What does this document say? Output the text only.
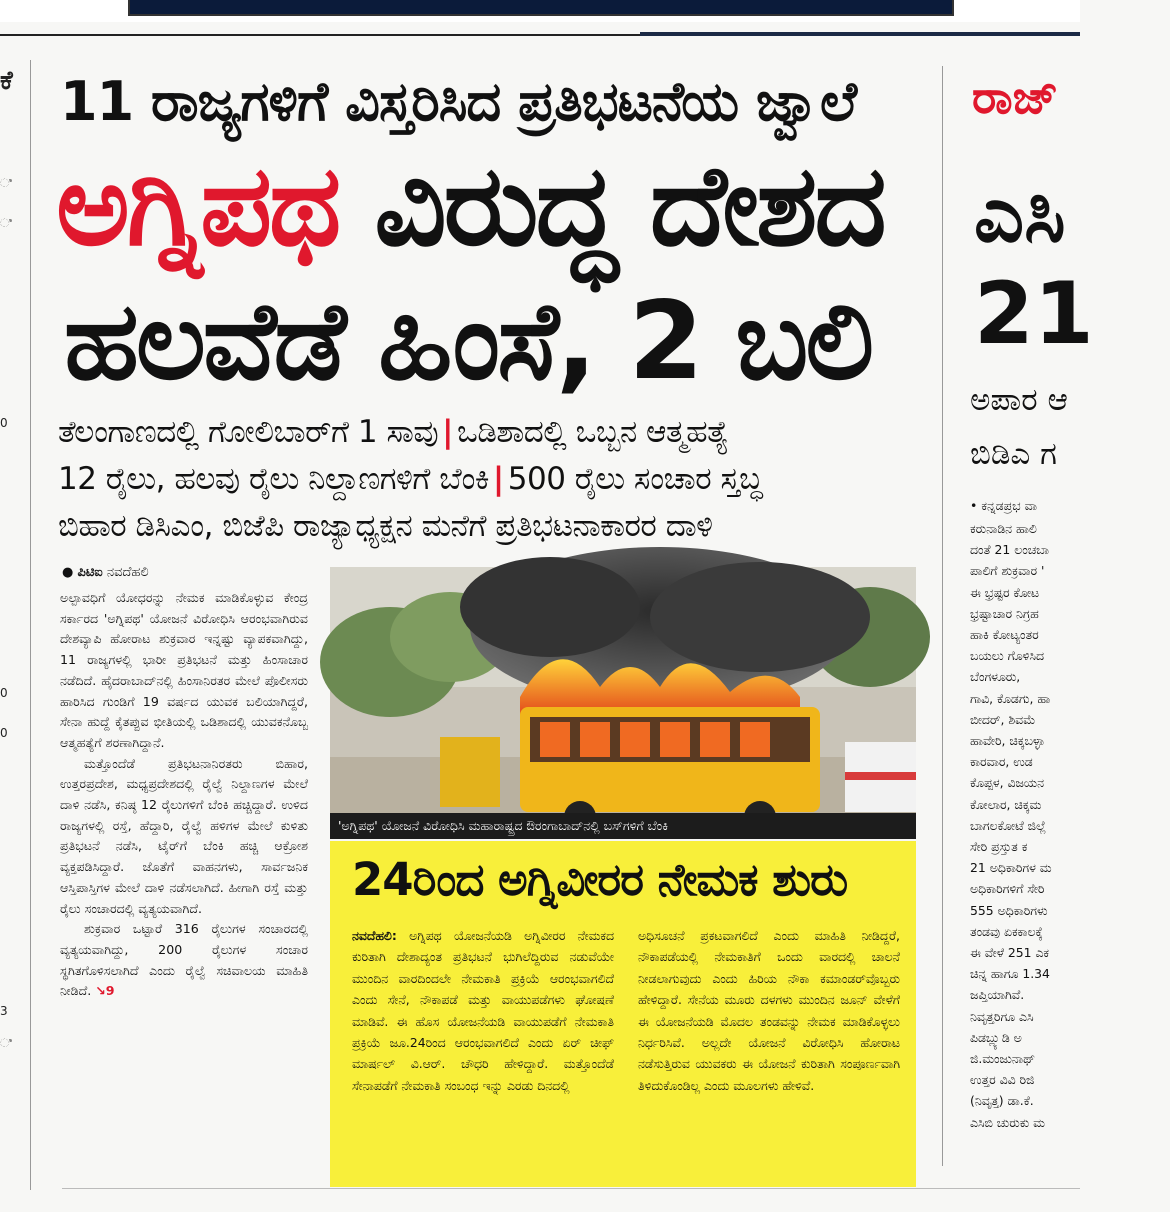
ಕೆ
ಿ
ಿ
0
0
0
3
ಿ
11 ರಾಜ್ಯಗಳಿಗೆ ವಿಸ್ತರಿಸಿದ ಪ್ರತಿಭಟನೆಯ ಜ್ವಾಲೆ
ಅಗ್ನಿಪಥ ವಿರುದ್ಧ ದೇಶದ
ಹಲವೆಡೆ ಹಿಂಸೆ, 2 ಬಲಿ
ತೆಲಂಗಾಣದಲ್ಲಿ ಗೋಲಿಬಾರ್‌ಗೆ 1 ಸಾವು | ಒಡಿಶಾದಲ್ಲಿ ಒಬ್ಬನ ಆತ್ಮಹತ್ಯೆ
12 ರೈಲು, ಹಲವು ರೈಲು ನಿಲ್ದಾಣಗಳಿಗೆ ಬೆಂಕಿ | 500 ರೈಲು ಸಂಚಾರ ಸ್ತಬ್ಧ
ಬಿಹಾರ ಡಿಸಿಎಂ, ಬಿಜೆಪಿ ರಾಜ್ಯಾಧ್ಯಕ್ಷನ ಮನೆಗೆ ಪ್ರತಿಭಟನಾಕಾರರ ದಾಳಿ
● ಪಿಟಿಐ ನವದೆಹಲಿ

ಅಲ್ಪಾವಧಿಗೆ ಯೋಧರನ್ನು ನೇಮಕ ಮಾಡಿಕೊಳ್ಳುವ ಕೇಂದ್ರ ಸರ್ಕಾರದ 'ಅಗ್ನಿಪಥ' ಯೋಜನೆ ವಿರೋಧಿಸಿ ಆರಂಭವಾಗಿರುವ ದೇಶವ್ಯಾಪಿ ಹೋರಾಟ ಶುಕ್ರವಾರ ಇನ್ನಷ್ಟು ವ್ಯಾಪಕವಾಗಿದ್ದು, 11 ರಾಜ್ಯಗಳಲ್ಲಿ ಭಾರೀ ಪ್ರತಿಭಟನೆ ಮತ್ತು ಹಿಂಸಾಚಾರ ನಡೆದಿದೆ. ಹೈದರಾಬಾದ್‌ನಲ್ಲಿ ಹಿಂಸಾನಿರತರ ಮೇಲೆ ಪೊಲೀಸರು ಹಾರಿಸಿದ ಗುಂಡಿಗೆ 19 ವರ್ಷದ ಯುವಕ ಬಲಿಯಾಗಿದ್ದರೆ, ಸೇನಾ ಹುದ್ದೆ ಕೈತಪ್ಪುವ ಭೀತಿಯಲ್ಲಿ ಒಡಿಶಾದಲ್ಲಿ ಯುವಕನೊಬ್ಬ ಆತ್ಮಹತ್ಯೆಗೆ ಶರಣಾಗಿದ್ದಾನೆ.

ಮತ್ತೊಂದೆಡೆ ಪ್ರತಿಭಟನಾನಿರತರು ಬಿಹಾರ, ಉತ್ತರಪ್ರದೇಶ, ಮಧ್ಯಪ್ರದೇಶದಲ್ಲಿ ರೈಲ್ವೆ ನಿಲ್ದಾಣಗಳ ಮೇಲೆ ದಾಳಿ ನಡೆಸಿ, ಕನಿಷ್ಠ 12 ರೈಲುಗಳಿಗೆ ಬೆಂಕಿ ಹಚ್ಚಿದ್ದಾರೆ. ಉಳಿದ ರಾಜ್ಯಗಳಲ್ಲಿ ರಸ್ತೆ, ಹೆದ್ದಾರಿ, ರೈಲ್ವೆ ಹಳಿಗಳ ಮೇಲೆ ಕುಳಿತು ಪ್ರತಿಭಟನೆ ನಡೆಸಿ, ಟೈರ್‌ಗೆ ಬೆಂಕಿ ಹಚ್ಚಿ ಆಕ್ರೋಶ ವ್ಯಕ್ತಪಡಿಸಿದ್ದಾರೆ. ಜೊತೆಗೆ ವಾಹನಗಳು, ಸಾರ್ವಜನಿಕ ಆಸ್ತಿಪಾಸ್ತಿಗಳ ಮೇಲೆ ದಾಳಿ ನಡೆಸಲಾಗಿದೆ. ಹೀಗಾಗಿ ರಸ್ತೆ ಮತ್ತು ರೈಲು ಸಂಚಾರದಲ್ಲಿ ವ್ಯತ್ಯಯವಾಗಿದೆ.

ಶುಕ್ರವಾರ ಒಟ್ಟಾರೆ 316 ರೈಲುಗಳ ಸಂಚಾರದಲ್ಲಿ ವ್ಯತ್ಯಯವಾಗಿದ್ದು, 200 ರೈಲುಗಳ ಸಂಚಾರ ಸ್ಥಗಿತಗೊಳಿಸಲಾಗಿದೆ ಎಂದು ರೈಲ್ವೆ ಸಚಿವಾಲಯ ಮಾಹಿತಿ ನೀಡಿದೆ. ↘9

'ಅಗ್ನಿಪಥ' ಯೋಜನೆ ವಿರೋಧಿಸಿ ಮಹಾರಾಷ್ಟ್ರದ ಔರಂಗಾಬಾದ್‌ನಲ್ಲಿ ಬಸ್‌ಗಳಿಗೆ ಬೆಂಕಿ
24ರಿಂದ ಅಗ್ನಿವೀರರ ನೇಮಕ ಶುರು
ನವದೆಹಲಿ: ಅಗ್ನಿಪಥ ಯೋಜನೆಯಡಿ ಅಗ್ನಿವೀರರ ನೇಮಕದ ಕುರಿತಾಗಿ ದೇಶಾದ್ಯಂತ ಪ್ರತಿಭಟನೆ ಭುಗಿಲೆದ್ದಿರುವ ನಡುವೆಯೇ ಮುಂದಿನ ವಾರದಿಂದಲೇ ನೇಮಕಾತಿ ಪ್ರಕ್ರಿಯೆ ಆರಂಭವಾಗಲಿದೆ ಎಂದು ಸೇನೆ, ನೌಕಾಪಡೆ ಮತ್ತು ವಾಯುಪಡೆಗಳು ಘೋಷಣೆ ಮಾಡಿವೆ. ಈ ಹೊಸ ಯೋಜನೆಯಡಿ ವಾಯುಪಡೆಗೆ ನೇಮಕಾತಿ ಪ್ರಕ್ರಿಯೆ ಜೂ.24ರಿಂದ ಆರಂಭವಾಗಲಿದೆ ಎಂದು ಏರ್ ಚೀಫ್ ಮಾರ್ಷಲ್ ವಿ.ಆರ್. ಚೌಧರಿ ಹೇಳಿದ್ದಾರೆ. ಮತ್ತೊಂದೆಡೆ ಸೇನಾಪಡೆಗೆ ನೇಮಕಾತಿ ಸಂಬಂಧ ಇನ್ನು ಎರಡು ದಿನದಲ್ಲಿ
ಅಧಿಸೂಚನೆ ಪ್ರಕಟವಾಗಲಿದೆ ಎಂದು ಮಾಹಿತಿ ನೀಡಿದ್ದರೆ, ನೌಕಾಪಡೆಯಲ್ಲಿ ನೇಮಕಾತಿಗೆ ಒಂದು ವಾರದಲ್ಲಿ ಚಾಲನೆ ನೀಡಲಾಗುವುದು ಎಂದು ಹಿರಿಯ ನೌಕಾ ಕಮಾಂಡರ್‌ವೊಬ್ಬರು ಹೇಳಿದ್ದಾರೆ. ಸೇನೆಯ ಮೂರು ದಳಗಳು ಮುಂದಿನ ಜೂನ್ ವೇಳೆಗೆ ಈ ಯೋಜನೆಯಡಿ ಮೊದಲ ತಂಡವನ್ನು ನೇಮಕ ಮಾಡಿಕೊಳ್ಳಲು ನಿರ್ಧರಿಸಿವೆ. ಅಲ್ಲದೇ ಯೋಜನೆ ವಿರೋಧಿಸಿ ಹೋರಾಟ ನಡೆಸುತ್ತಿರುವ ಯುವಕರು ಈ ಯೋಜನೆ ಕುರಿತಾಗಿ ಸಂಪೂರ್ಣವಾಗಿ ತಿಳಿದುಕೊಂಡಿಲ್ಲ ಎಂದು ಮೂಲಗಳು ಹೇಳಿವೆ.
ರಾಜ್
ಎಸಿ
21
ಅಪಾರ ಆ
ಬಿಡಿಎ ಗ
• ಕನ್ನಡಪ್ರಭ ವಾ
ಕರುನಾಡಿನ ಹಾಲಿ
ದಂತೆ 21 ಲಂಚಬಾ
ಪಾಲಿಗೆ ಶುಕ್ರವಾರ '
ಈ ಭ್ರಷ್ಟರ ಕೋಟ
ಭ್ರಷ್ಟಾಚಾರ ನಿಗ್ರಹ
ಹಾಕಿ ಕೋಟ್ಯಂತರ
ಬಯಲು ಗೊಳಿಸಿದ
ಬೆಂಗಳೂರು,
ಗಾವಿ, ಕೊಡಗು, ಹಾ
ಬೀದರ್, ಶಿವಮೆ
ಹಾವೇರಿ, ಚಿಕ್ಕಬಳ್ಳಾ
ಕಾರವಾರ, ಉಡ
ಕೊಪ್ಪಳ, ವಿಜಯನ
ಕೋಲಾರ, ಚಿಕ್ಕಮ
ಬಾಗಲಕೋಟೆ ಜಿಲ್ಲೆ
ಸೇರಿ ಪ್ರಸ್ತುತ ಕ
21 ಅಧಿಕಾರಿಗಳ ಮ
ಅಧಿಕಾರಿಗಳಿಗೆ ಸೇರಿ
555 ಅಧಿಕಾರಿಗಳು
ತಂಡವು ಏಕಕಾಲಕ್ಕೆ
ಈ ವೇಳೆ 251 ಎಕ
ಚಿನ್ನ ಹಾಗೂ 1.34
ಜಪ್ತಿಯಾಗಿವೆ.
ನಿವೃತ್ತರಿಗೂ ಎಸಿ
ಪಿಡಬ್ಲ್ಯುಡಿ ಅ
ಜಿ.ಮಂಜುನಾಥ್
ಉತ್ತರ ವಿವಿ ರಿಜಿ
(ನಿವೃತ್ತ) ಡಾ.ಕೆ.
ಎಸಿಬಿ ಚುರುಕು ಮ
